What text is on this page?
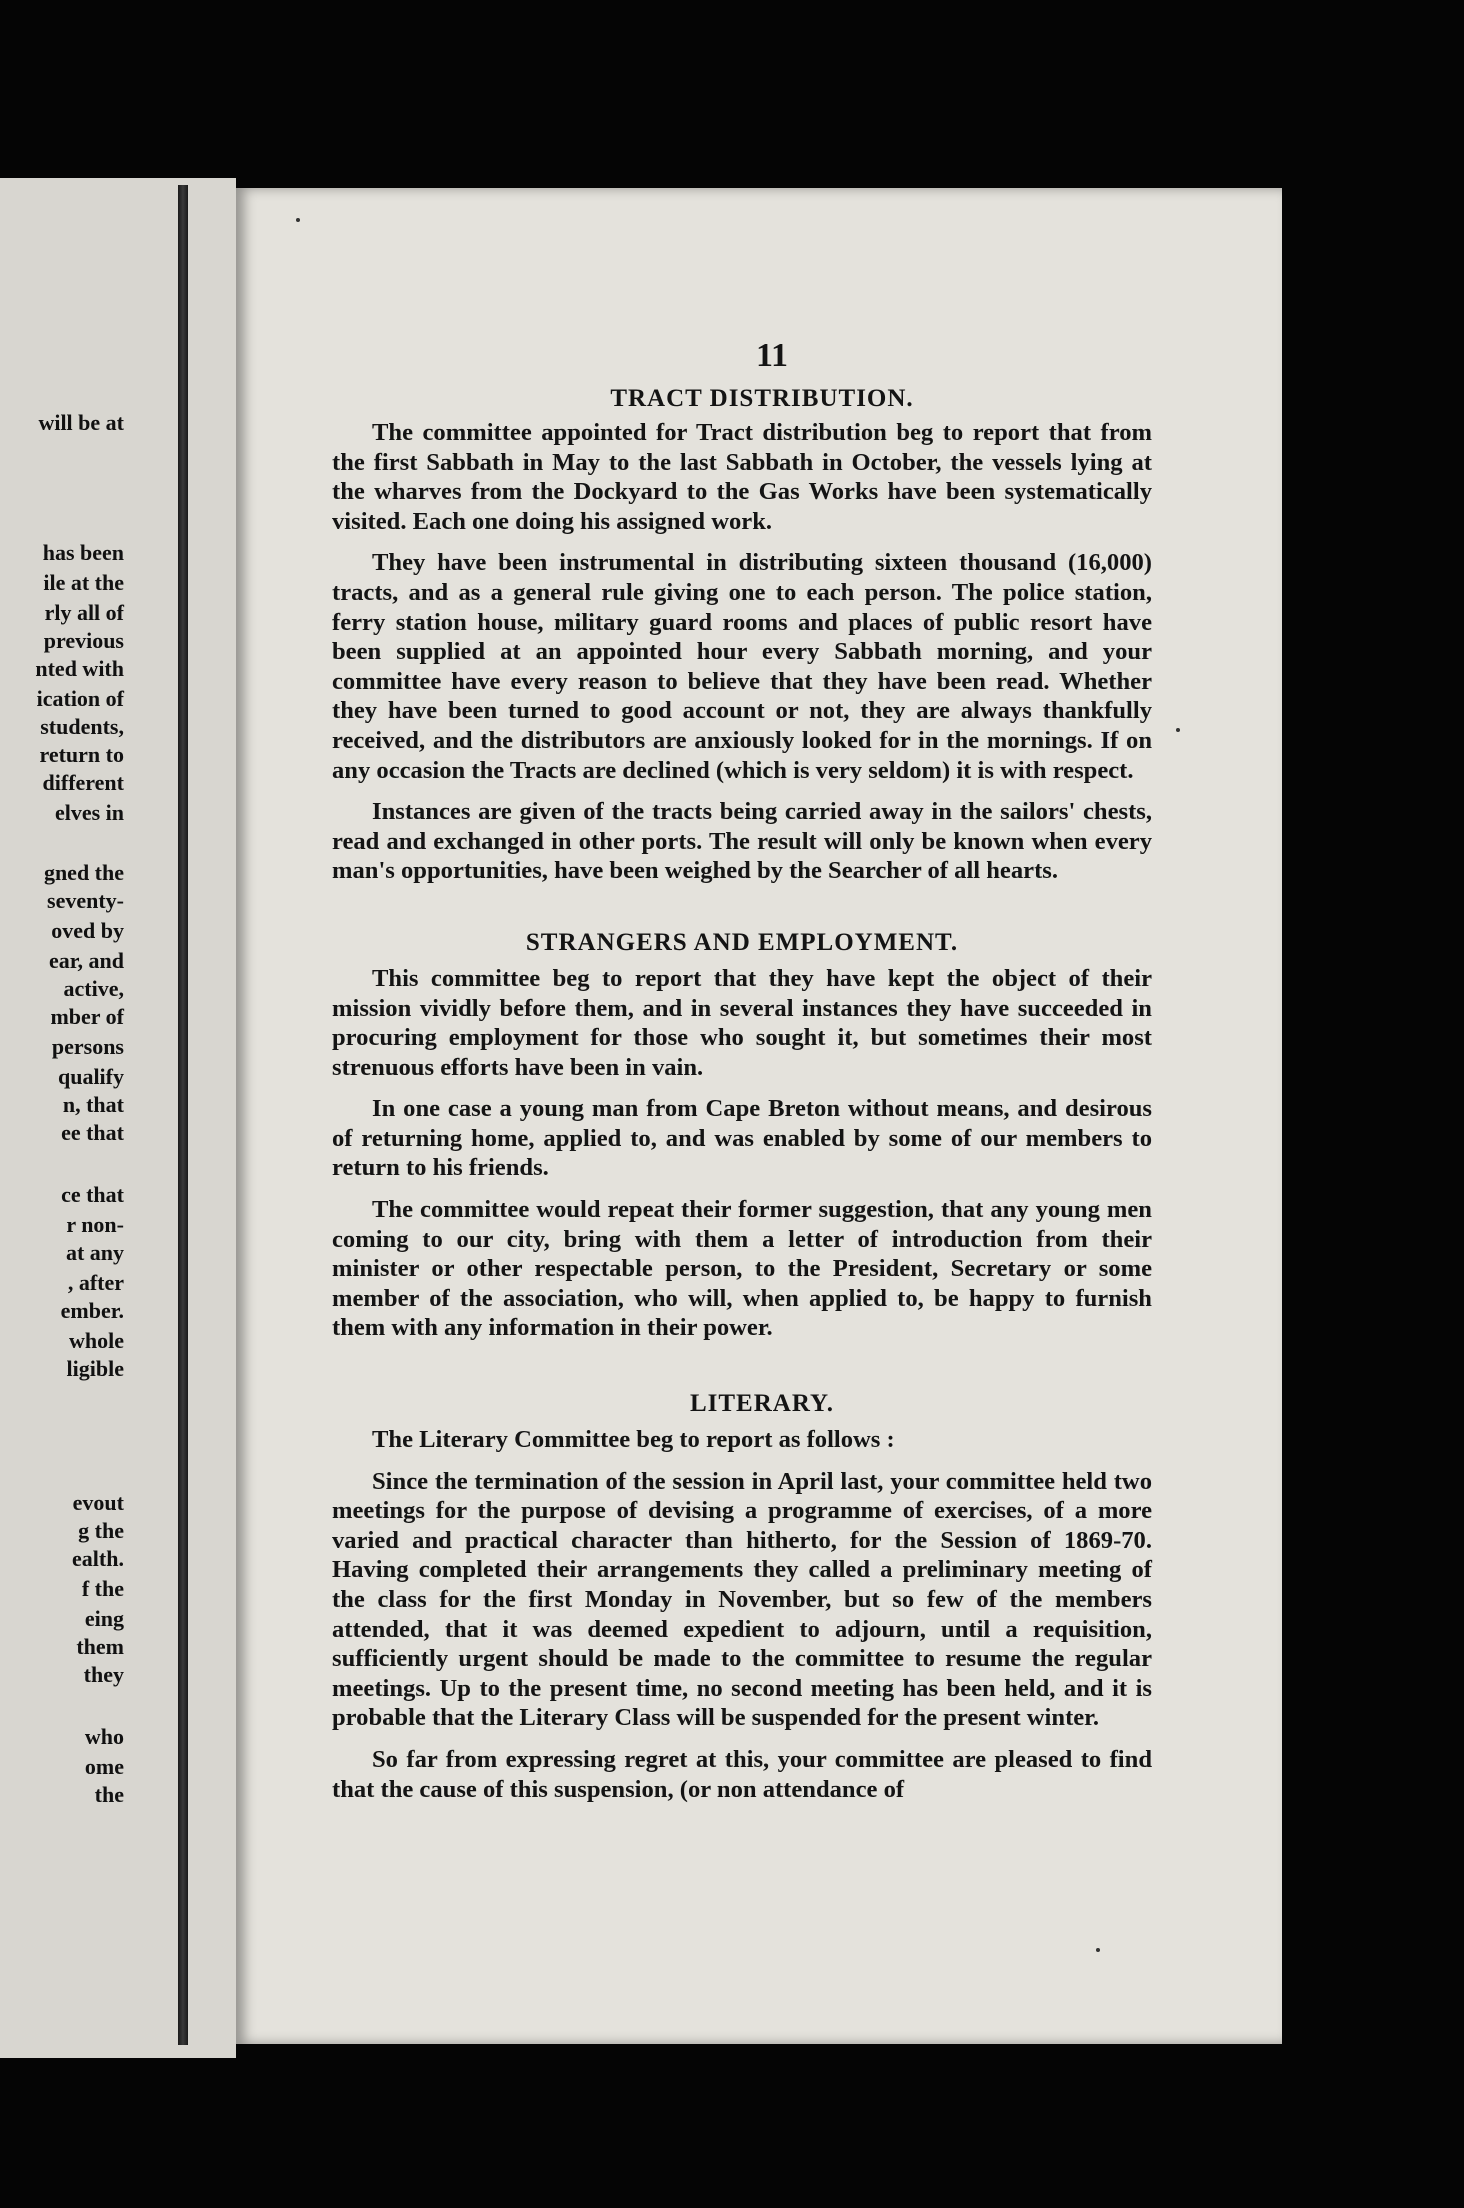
will be at
has been
ile at the
rly all of
previous
nted with
ication of
students,
return to
different
elves in
gned the
seventy-
oved by
ear, and
active,
mber of
persons
qualify
n, that
ee that
ce that
r non-
at any
, after
ember.
whole
ligible
evout
g the
ealth.
f the
eing
them
they
who
ome
the
11
TRACT DISTRIBUTION.

The committee appointed for Tract distribution beg to report that from the first Sabbath in May to the last Sabbath in October, the vessels lying at the wharves from the Dockyard to the Gas Works have been systematically visited. Each one doing his assigned work.

They have been instrumental in distributing sixteen thousand (16,000) tracts, and as a general rule giving one to each person. The police station, ferry station house, military guard rooms and places of public resort have been supplied at an appointed hour every Sabbath morning, and your committee have every reason to believe that they have been read. Whether they have been turned to good account or not, they are always thankfully received, and the distributors are anxiously looked for in the mornings. If on any occasion the Tracts are declined (which is very seldom) it is with respect.

Instances are given of the tracts being carried away in the sailors' chests, read and exchanged in other ports. The result will only be known when every man's opportunities, have been weighed by the Searcher of all hearts.

STRANGERS AND EMPLOYMENT.

This committee beg to report that they have kept the object of their mission vividly before them, and in several instances they have succeeded in procuring employment for those who sought it, but sometimes their most strenuous efforts have been in vain.

In one case a young man from Cape Breton without means, and desirous of returning home, applied to, and was enabled by some of our members to return to his friends.

The committee would repeat their former suggestion, that any young men coming to our city, bring with them a letter of introduction from their minister or other respectable person, to the President, Secretary or some member of the association, who will, when applied to, be happy to furnish them with any information in their power.

LITERARY.

The Literary Committee beg to report as follows :

Since the termination of the session in April last, your committee held two meetings for the purpose of devising a programme of exercises, of a more varied and practical character than hitherto, for the Session of 1869-70. Having completed their arrangements they called a preliminary meeting of the class for the first Monday in November, but so few of the members attended, that it was deemed expedient to adjourn, until a requisition, sufficiently urgent should be made to the committee to resume the regular meetings. Up to the present time, no second meeting has been held, and it is probable that the Literary Class will be suspended for the present winter.

So far from expressing regret at this, your committee are pleased to find that the cause of this suspension, (or non attendance of
